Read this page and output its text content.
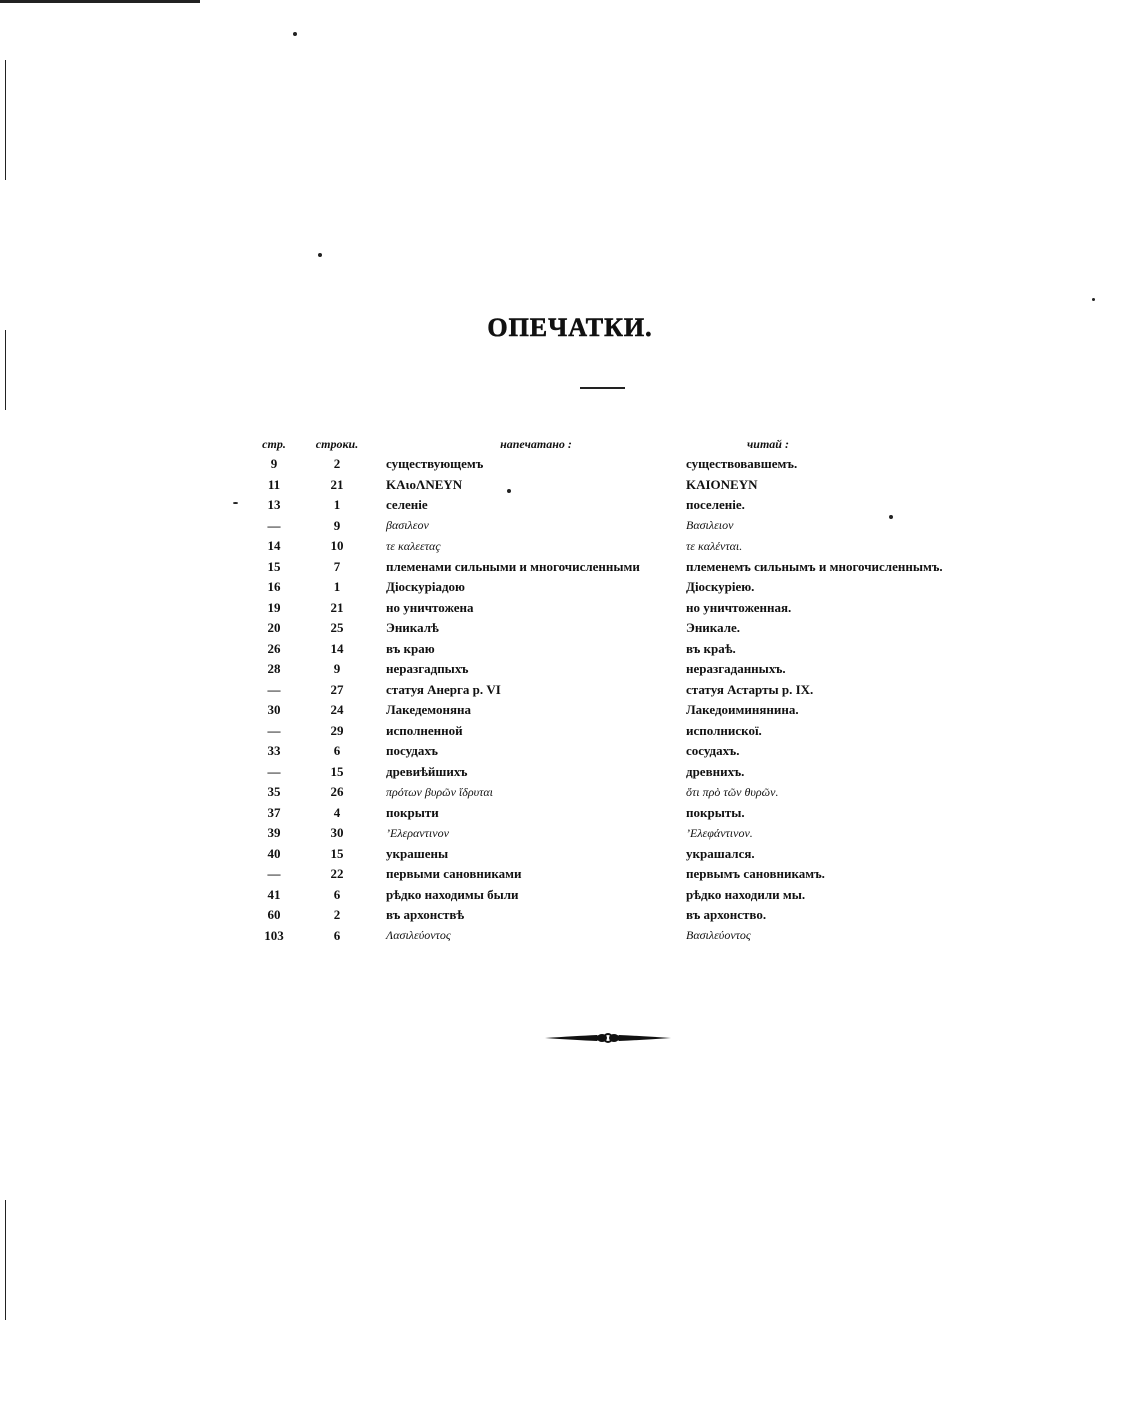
ОПЕЧАТКИ.
стр.	строки.	напечатано :	читай :
9	2	существующемъ	существовавшемъ.
11	21	ΚΑιοΛΝΕΥΝ	ΚΑΙΟΝΕΥΝ
13	1	селеніе	поселеніе.
—	9	βασιλεον	Βασιλειον
14	10	τε καλεεταç	τε καλένται.
15	7	племенами сильными и многочисленными	племенемъ сильнымъ и многочисленнымъ.
16	1	Діоскуріадою	Діоскуріею.
19	21	но уничтожена	но уничтоженная.
20	25	Эникалѣ	Эникале.
26	14	въ краю	въ краѣ.
28	9	неразгадпыхъ	неразгаданныхъ.
—	27	статуя Анерга р. VI	статуя Астарты р. IX.
30	24	Лакедемоняна	Лакедоиминянина.
—	29	исполненной	исполнискої.
33	6	посудахъ	сосудахъ.
—	15	древиѣйшихъ	древнихъ.
35	26	πρότων βυρῶν ἵδρυται	ὅτι πρὸ τῶν θυρῶν.
37	4	покрыти	покрыты.
39	30	’Ελεραντινον	’Ελεφάντινον.
40	15	украшены	украшался.
—	22	первыми сановниками	первымъ сановникамъ.
41	6	рѣдко находимы были	рѣдко находили мы.
60	2	въ архонствѣ	въ архонство.
103	6	Λασιλεύοντος	Βασιλεύοντος
